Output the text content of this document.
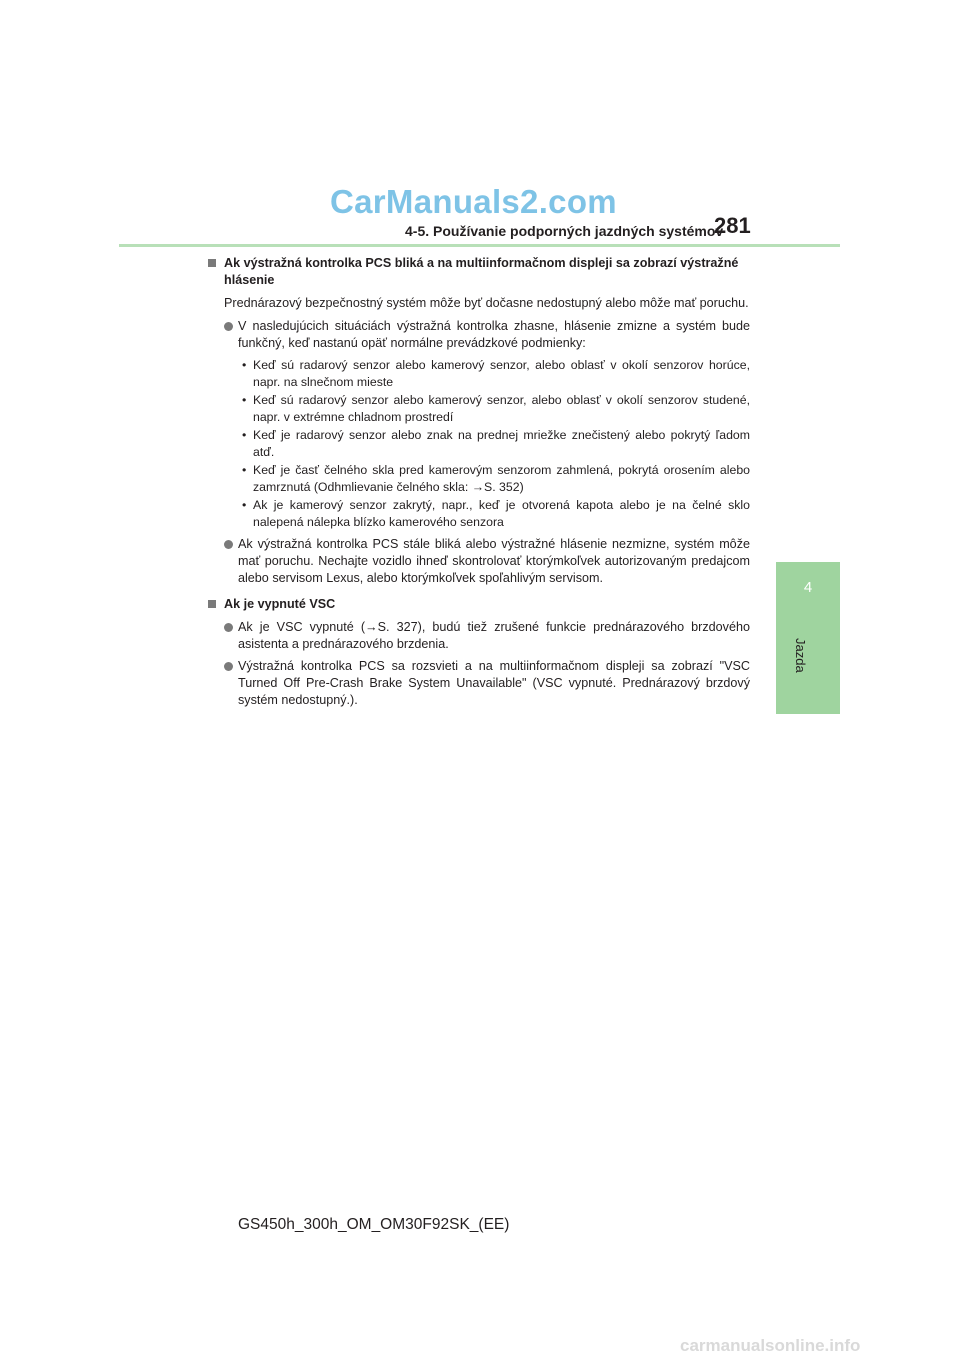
CarManuals2.com
4-5. Používanie podporných jazdných systémov
281
4
Jazda
Ak výstražná kontrolka PCS bliká a na multiinformačnom displeji sa zobrazí výstražné hlásenie
Prednárazový bezpečnostný systém môže byť dočasne nedostupný alebo môže mať poruchu.
V nasledujúcich situáciách výstražná kontrolka zhasne, hlásenie zmizne a systém bude funkčný, keď nastanú opäť normálne prevádzkové podmienky:
• Keď sú radarový senzor alebo kamerový senzor, alebo oblasť v okolí senzorov horúce, napr. na slnečnom mieste
• Keď sú radarový senzor alebo kamerový senzor, alebo oblasť v okolí senzorov studené, napr. v extrémne chladnom prostredí
• Keď je radarový senzor alebo znak na prednej mriežke znečistený alebo pokrytý ľadom atď.
• Keď je časť čelného skla pred kamerovým senzorom zahmlená, pokrytá orosením alebo zamrznutá (Odhmlievanie čelného skla: →S. 352)
• Ak je kamerový senzor zakrytý, napr., keď je otvorená kapota alebo je na čelné sklo nalepená nálepka blízko kamerového senzora
Ak výstražná kontrolka PCS stále bliká alebo výstražné hlásenie nezmizne, systém môže mať poruchu. Nechajte vozidlo ihneď skontrolovať ktorýmkoľvek autorizovaným predajcom alebo servisom Lexus, alebo ktorýmkoľvek spoľahlivým servisom.
Ak je vypnuté VSC
Ak je VSC vypnuté (→S. 327), budú tiež zrušené funkcie prednárazového brzdového asistenta a prednárazového brzdenia.
Výstražná kontrolka PCS sa rozsvieti a na multiinformačnom displeji sa zobrazí "VSC Turned Off Pre-Crash Brake System Unavailable" (VSC vypnuté. Prednárazový brzdový systém nedostupný.).
GS450h_300h_OM_OM30F92SK_(EE)
carmanualsonline.info
